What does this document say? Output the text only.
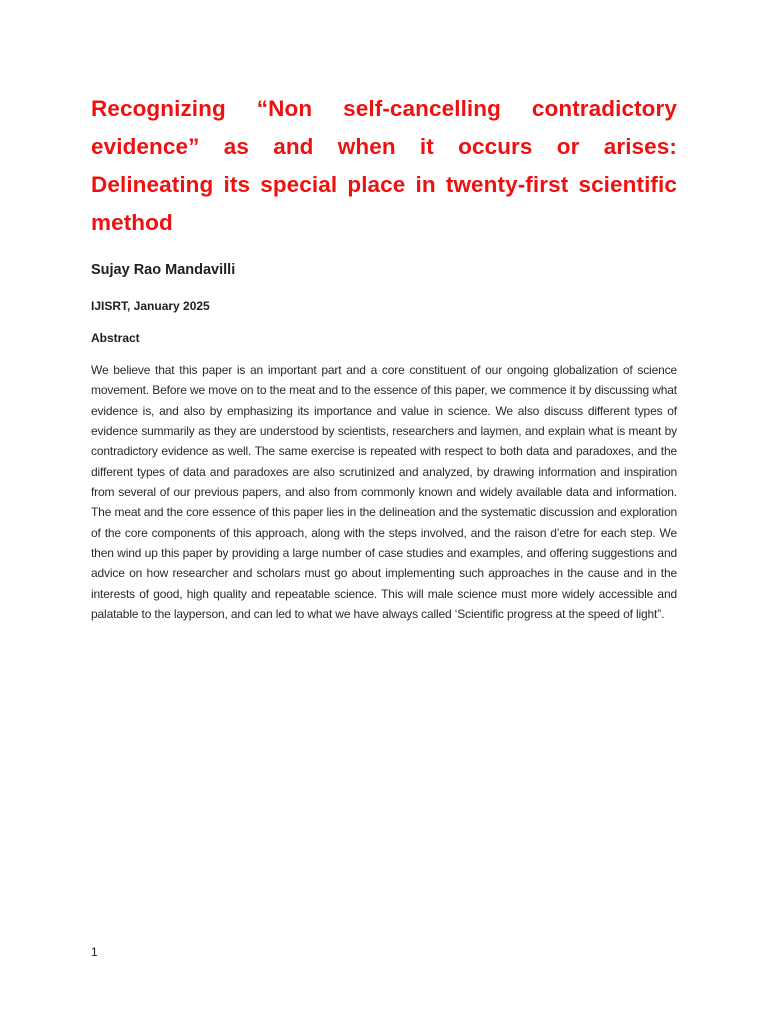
Recognizing “Non self-cancelling contradictory evidence” as and when it occurs or arises: Delineating its special place in twenty-first scientific method

Sujay Rao Mandavilli

IJISRT, January 2025

Abstract

We believe that this paper is an important part and a core constituent of our ongoing globalization of science movement. Before we move on to the meat and to the essence of this paper, we commence it by discussing what evidence is, and also by emphasizing its importance and value in science. We also discuss different types of evidence summarily as they are understood by scientists, researchers and laymen, and explain what is meant by contradictory evidence as well. The same exercise is repeated with respect to both data and paradoxes, and the different types of data and paradoxes are also scrutinized and analyzed, by drawing information and inspiration from several of our previous papers, and also from commonly known and widely available data and information. The meat and the core essence of this paper lies in the delineation and the systematic discussion and exploration of the core components of this approach, along with the steps involved, and the raison d’etre for each step. We then wind up this paper by providing a large number of case studies and examples, and offering suggestions and advice on how researcher and scholars must go about implementing such approaches in the cause and in the interests of good, high quality and repeatable science. This will male science must more widely accessible and palatable to the layperson, and can led to what we have always called ‘Scientific progress at the speed of light”.

1
